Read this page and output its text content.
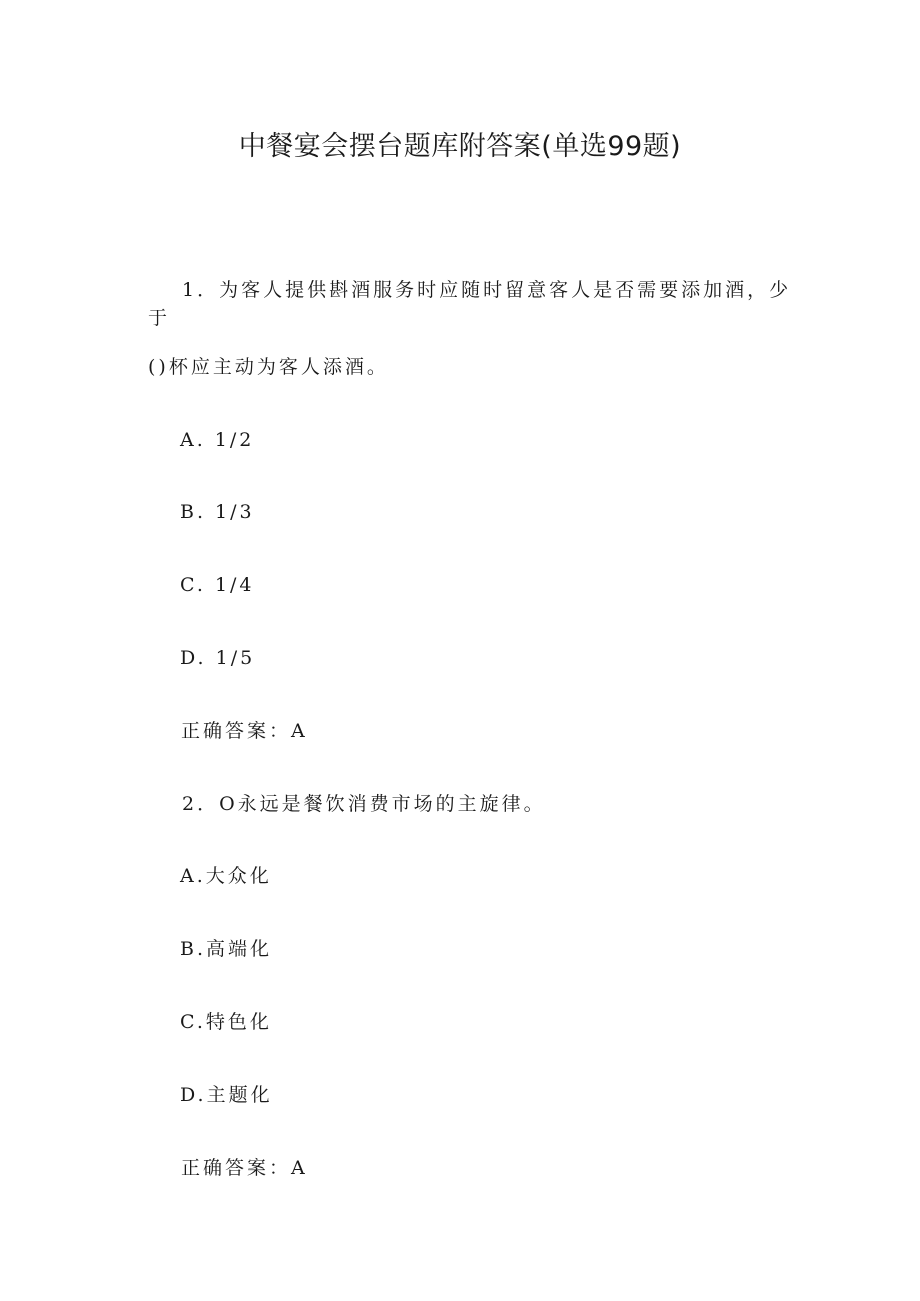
中餐宴会摆台题库附答案(单选99题)
1．为客人提供斟酒服务时应随时留意客人是否需要添加酒，少
于
()杯应主动为客人添酒。
A. 1/2
B. 1/3
C. 1/4
D. 1/5
正确答案：A
2．O永远是餐饮消费市场的主旋律。
A.大众化
B.高端化
C.特色化
D.主题化
正确答案：A
